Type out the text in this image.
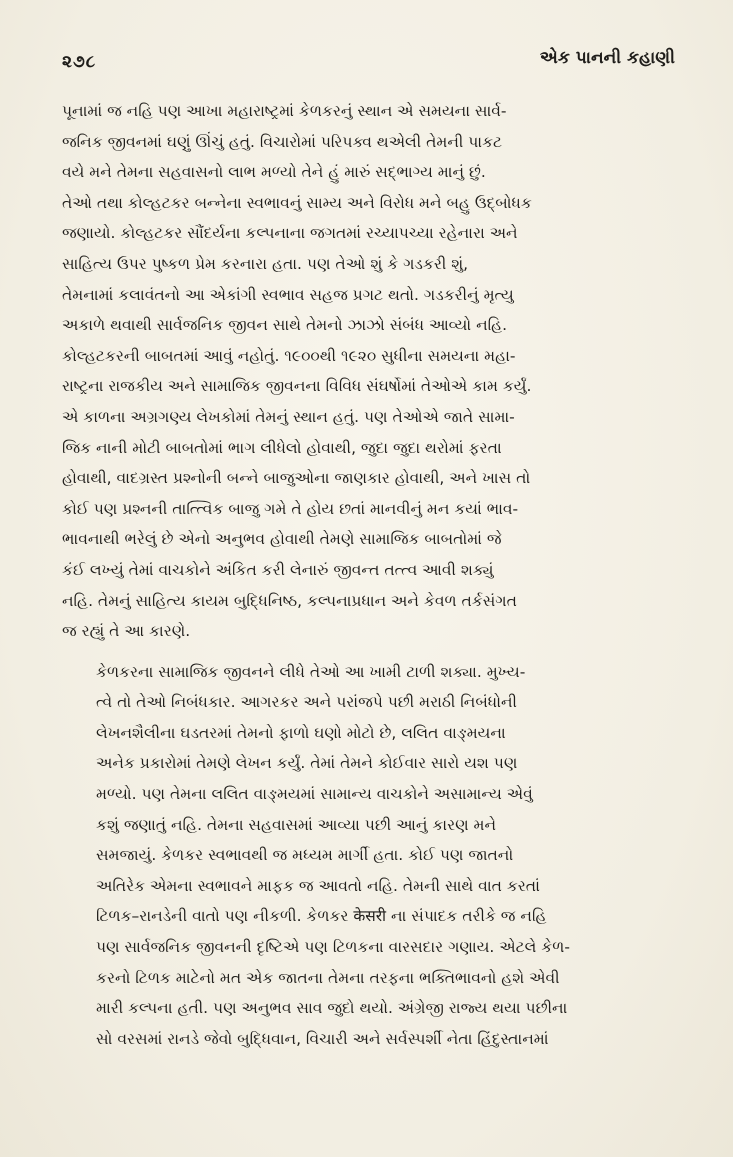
૨૭૮	એક પાનની કહાણી

પૂનામાં જ નહિ પણ આખા મહારાષ્ટ્રમાં કેળકરનું સ્થાન એ સમયના સાર્વ-
જનિક જીવનમાં ઘણું ઊંચું હતું. વિચારોમાં પરિપક્વ થએલી તેમની પાકટ
વયે મને તેમના સહવાસનો લાભ મળ્યો તેને હું મારું સદ્ભાગ્ય માનું છું.
તેઓ તથા કોલ્હટકર બન્નેના સ્વભાવનું સામ્ય અને વિરોધ મને બહુ ઉદ્બોધક
જણાયો. કોલ્હટકર સૌંદર્યના કલ્પનાના જગતમાં રચ્યાપચ્યા રહેનારા અને
સાહિત્ય ઉપર પુષ્કળ પ્રેમ કરનારા હતા. પણ તેઓ શું કે ગડકરી શું,
તેમનામાં કલાવંતનો આ એકાંગી સ્વભાવ સહજ પ્રગટ થતો. ગડકરીનું મૃત્યુ
અકાળે થવાથી સાર્વજનિક જીવન સાથે તેમનો ઝાઝો સંબંધ આવ્યો નહિ.
કોલ્હટકરની બાબતમાં આવું નહોતું. ૧૯૦૦થી ૧૯૨૦ સુધીના સમયના મહા-
રાષ્ટ્રના રાજકીય અને સામાજિક જીવનના વિવિધ સંઘર્ષોમાં તેઓએ કામ કર્યું.
એ કાળના અગ્રગણ્ય લેખકોમાં તેમનું સ્થાન હતું. પણ તેઓએ જાતે સામા-
જિક નાની મોટી બાબતોમાં ભાગ લીધેલો હોવાથી, જુદા જુદા થરોમાં ફરતા
હોવાથી, વાદગ્રસ્ત પ્રશ્નોની બન્ને બાજુઓના જાણકાર હોવાથી, અને ખાસ તો
કોઈ પણ પ્રશ્નની તાત્ત્વિક બાજુ ગમે તે હોય છતાં માનવીનું મન કયાં ભાવ-
ભાવનાથી ભરેલું છે એનો અનુભવ હોવાથી તેમણે સામાજિક બાબતોમાં જે
કંઈ લખ્યું તેમાં વાચકોને અંકિત કરી લેનારું જીવન્ત તત્ત્વ આવી શક્યું
નહિ. તેમનું સાહિત્ય કાયમ બુદ્ધિનિષ્ઠ, કલ્પનાપ્રધાન અને કેવળ તર્કસંગત
જ રહ્યું તે આ કારણે.

કેળકરના સામાજિક જીવનને લીધે તેઓ આ ખામી ટાળી શક્યા. મુખ્ય-
ત્વે તો તેઓ નિબંધકાર. આગરકર અને પરાંજપે પછી મરાઠી નિબંધોની
લેખનશૈલીના ઘડતરમાં તેમનો ફાળો ઘણો મોટો છે, લલિત વાઙ્મયના
અનેક પ્રકારોમાં તેમણે લેખન કર્યું. તેમાં તેમને કોઈવાર સારો યશ પણ
મળ્યો. પણ તેમના લલિત વાઙ્મયમાં સામાન્ય વાચકોને અસામાન્ય એવું
કશું જણાતું નહિ. તેમના સહવાસમાં આવ્યા પછી આનું કારણ મને
સમજાયું. કેળકર સ્વભાવથી જ મધ્યમ માર્ગી હતા. કોઈ પણ જાતનો
અતિરેક એમના સ્વભાવને માફક જ આવતો નહિ. તેમની સાથે વાત કરતાં
ટિળક–રાનડેની વાતો પણ નીકળી. કેળકર केसरी ના સંપાદક તરીકે જ નહિ
પણ સાર્વજનિક જીવનની દૃષ્ટિએ પણ ટિળકના વારસદાર ગણાય. એટલે કેળ-
કરનો ટિળક માટેનો મત એક જાતના તેમના તરફના ભક્તિભાવનો હશે એવી
મારી કલ્પના હતી. પણ અનુભવ સાવ જુદો થયો. અંગ્રેજી રાજ્ય થયા પછીના
સો વરસમાં રાનડે જેવો બુદ્ધિવાન, વિચારી અને સર્વસ્પર્શી નેતા હિંદુસ્તાનમાં
